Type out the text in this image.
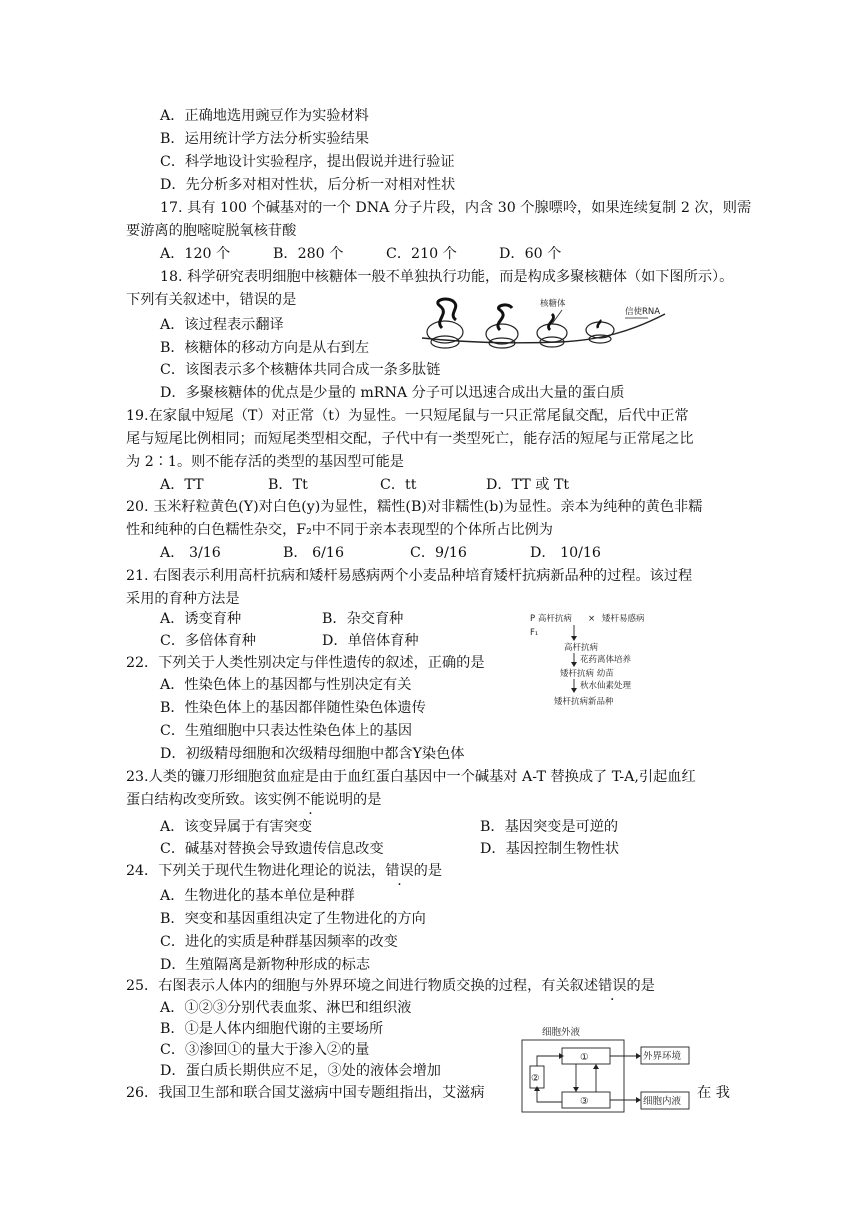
A．正确地选用豌豆作为实验材料
B．运用统计学方法分析实验结果
C．科学地设计实验程序，提出假说并进行验证
D．先分析多对相对性状，后分析一对相对性状
17. 具有 100 个碱基对的一个 DNA 分子片段，内含 30 个腺嘌呤，如果连续复制 2 次，则需
要游离的胞嘧啶脱氧核苷酸
A．120 个	B．280 个	C．210 个	D．60 个
18. 科学研究表明细胞中核糖体一般不单独执行功能，而是构成多聚核糖体（如下图所示）。
下列有关叙述中，错误的是
A．该过程表示翻译
B．核糖体的移动方向是从右到左
C．该图表示多个核糖体共同合成一条多肽链
D．多聚核糖体的优点是少量的 mRNA 分子可以迅速合成出大量的蛋白质
核糖体
信使RNA
19.在家鼠中短尾（T）对正常（t）为显性。一只短尾鼠与一只正常尾鼠交配，后代中正常
尾与短尾比例相同；而短尾类型相交配，子代中有一类型死亡，能存活的短尾与正常尾之比
为 2∶1。则不能存活的类型的基因型可能是
A．TT	B．Tt	C．tt	D．TT 或 Tt
20. 玉米籽粒黄色(Y)对白色(y)为显性，糯性(B)对非糯性(b)为显性。亲本为纯种的黄色非糯
性和纯种的白色糯性杂交，F₂中不同于亲本表现型的个体所占比例为
A． 3/16	B． 6/16	C．9/16	D． 10/16
21. 右图表示利用高杆抗病和矮杆易感病两个小麦品种培育矮杆抗病新品种的过程。该过程
采用的育种方法是
A．诱变育种	B．杂交育种
C．多倍体育种	D．单倍体育种
P 高杆抗病 × 矮杆易感病
F₁
高杆抗病
花药离体培养
矮杆抗病 幼苗
秋水仙素处理
矮杆抗病新品种
22．下列关于人类性别决定与伴性遗传的叙述，正确的是
A．性染色体上的基因都与性别决定有关
B．性染色体上的基因都伴随性染色体遗传
C．生殖细胞中只表达性染色体上的基因
D．初级精母细胞和次级精母细胞中都含Y染色体
23.人类的镰刀形细胞贫血症是由于血红蛋白基因中一个碱基对 A-T 替换成了 T-A,引起血红
蛋白结构改变所致。该实例不能说明的是
A．该变异属于有害突变	B．基因突变是可逆的
C．碱基对替换会导致遗传信息改变	D．基因控制生物性状
24．下列关于现代生物进化理论的说法，错误的是
A．生物进化的基本单位是种群
B．突变和基因重组决定了生物进化的方向
C．进化的实质是种群基因频率的改变
D．生殖隔离是新物种形成的标志
25．右图表示人体内的细胞与外界环境之间进行物质交换的过程，有关叙述错误的是
A．①②③分别代表血浆、淋巴和组织液
B．①是人体内细胞代谢的主要场所
C．③渗回①的量大于渗入②的量
D．蛋白质长期供应不足，③处的液体会增加
细胞外液
①
②
③
外界环境
细胞内液
26．我国卫生部和联合国艾滋病中国专题组指出，艾滋病	在 我
